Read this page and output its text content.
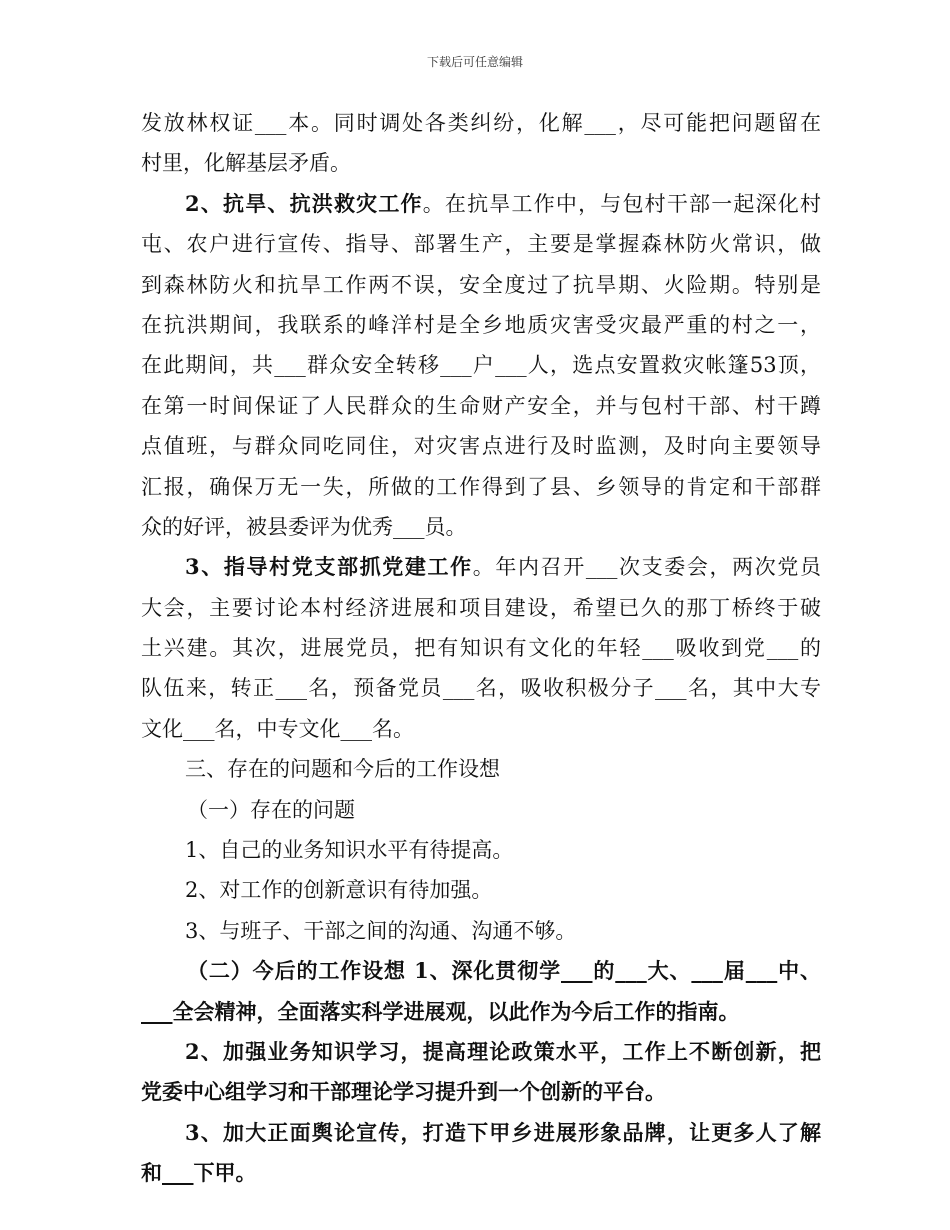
下载后可任意编辑
发放林权证___本。同时调处各类纠纷，化解___，尽可能把问题留在
村里，化解基层矛盾。
2、抗旱、抗洪救灾工作。在抗旱工作中，与包村干部一起深化村
屯、农户进行宣传、指导、部署生产，主要是掌握森林防火常识，做
到森林防火和抗旱工作两不误，安全度过了抗旱期、火险期。特别是
在抗洪期间，我联系的峰洋村是全乡地质灾害受灾最严重的村之一，
在此期间，共___群众安全转移___户___人，选点安置救灾帐篷53顶，
在第一时间保证了人民群众的生命财产安全，并与包村干部、村干蹲
点值班，与群众同吃同住，对灾害点进行及时监测，及时向主要领导
汇报，确保万无一失，所做的工作得到了县、乡领导的肯定和干部群
众的好评，被县委评为优秀___员。
3、指导村党支部抓党建工作。年内召开___次支委会，两次党员
大会，主要讨论本村经济进展和项目建设，希望已久的那丁桥终于破
土兴建。其次，进展党员，把有知识有文化的年轻___吸收到党___的
队伍来，转正___名，预备党员___名，吸收积极分子___名，其中大专
文化___名，中专文化___名。
三、存在的问题和今后的工作设想
（一）存在的问题
1、自己的业务知识水平有待提高。
2、对工作的创新意识有待加强。
3、与班子、干部之间的沟通、沟通不够。
（二）今后的工作设想 1、深化贯彻学___的___大、___届___中、
___全会精神，全面落实科学进展观，以此作为今后工作的指南。
2、加强业务知识学习，提高理论政策水平，工作上不断创新，把
党委中心组学习和干部理论学习提升到一个创新的平台。
3、加大正面舆论宣传，打造下甲乡进展形象品牌，让更多人了解
和___下甲。
